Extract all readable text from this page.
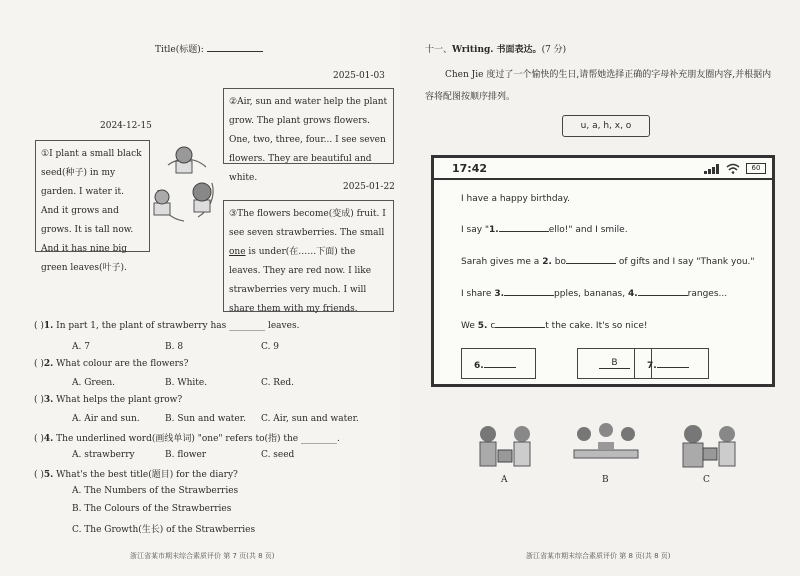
Title(标题):
2024-12-15
①I plant a small black seed(种子) in my garden. I water it. And it grows and grows. It is tall now. And it has nine big green leaves(叶子).
2025-01-03
②Air, sun and water help the plant grow. The plant grows flowers. One, two, three, four... I see seven flowers. They are beautiful and white.
2025-01-22
③The flowers become(变成) fruit. I see seven strawberries. The small one is under(在……下面) the leaves. They are red now. I like strawberries very much. I will share them with my friends.
( )1. In part 1, the plant of strawberry has ________ leaves.
A. 7	B. 8	C. 9
( )2. What colour are the flowers?
A. Green.	B. White.	C. Red.
( )3. What helps the plant grow?
A. Air and sun.	B. Sun and water. C. Air, sun and water.
( )4. The underlined word(画线单词) "one" refers to(指) the ________.
A. strawberry	B. flower	C. seed
( )5. What's the best title(题目) for the diary?
A. The Numbers of the Strawberries
B. The Colours of the Strawberries
C. The Growth(生长) of the Strawberries
浙江省某市期末综合素质评价 第 7 页(共 8 页)
十一、Writing. 书面表达。(7 分)
Chen Jie 度过了一个愉快的生日,请帮她选择正确的字母补充朋友圈内容,并根据内容将配图按顺序排列。
u, a, h, x, o
17:42	60
I have a happy birthday.
I say "1.	ello!" and I smile.
Sarah gives me a 2. bo	of gifts and I say "Thank you."
I share 3.	pples, bananas, 4.	ranges...
We 5. c	t the cake. It's so nice!
6.	B	7.
A	B	C
浙江省某市期末综合素质评价 第 8 页(共 8 页)
